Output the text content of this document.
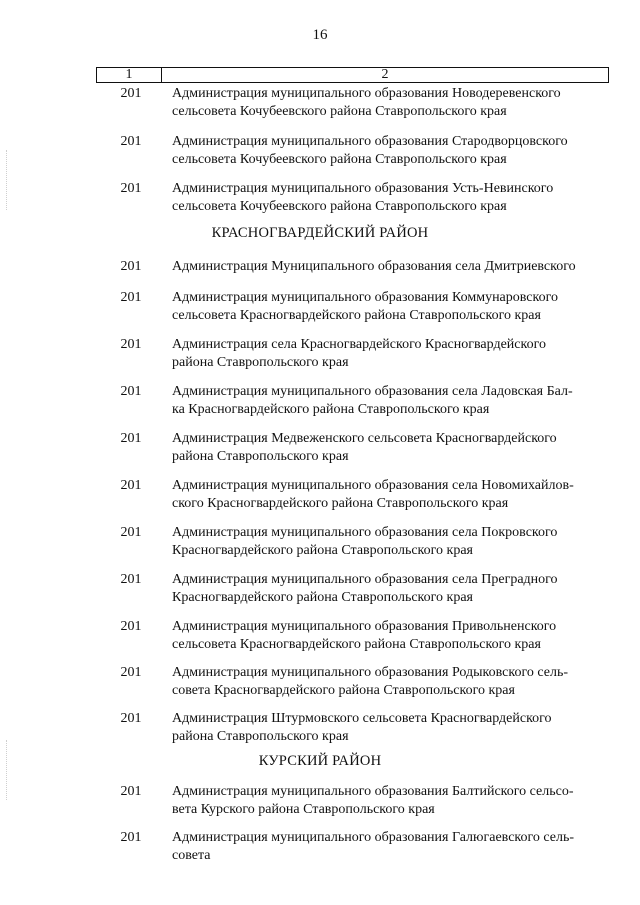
16
1	2
201	Администрация муниципального образования Новодеревенского
сельсовета Кочубеевского района Ставропольского края
201	Администрация муниципального образования Стародворцовского
сельсовета Кочубеевского района Ставропольского края
201	Администрация муниципального образования Усть-Невинского
сельсовета Кочубеевского района Ставропольского края
КРАСНОГВАРДЕЙСКИЙ РАЙОН
201	Администрация Муниципального образования села Дмитриевского
201	Администрация муниципального образования Коммунаровского
сельсовета Красногвардейского района Ставропольского края
201	Администрация села Красногвардейского Красногвардейского
района Ставропольского края
201	Администрация муниципального образования села Ладовская Бал-
ка Красногвардейского района Ставропольского края
201	Администрация Медвеженского сельсовета Красногвардейского
района Ставропольского края
201	Администрация муниципального образования села Новомихайлов-
ского Красногвардейского района Ставропольского края
201	Администрация муниципального образования села Покровского
Красногвардейского района Ставропольского края
201	Администрация муниципального образования села Преградного
Красногвардейского района Ставропольского края
201	Администрация муниципального образования Привольненского
сельсовета Красногвардейского района Ставропольского края
201	Администрация муниципального образования Родыковского сель-
совета Красногвардейского района Ставропольского края
201	Администрация Штурмовского сельсовета Красногвардейского
района Ставропольского края
КУРСКИЙ РАЙОН
201	Администрация муниципального образования Балтийского сельсо-
вета Курского района Ставропольского края
201	Администрация муниципального образования Галюгаевского сель-
совета
